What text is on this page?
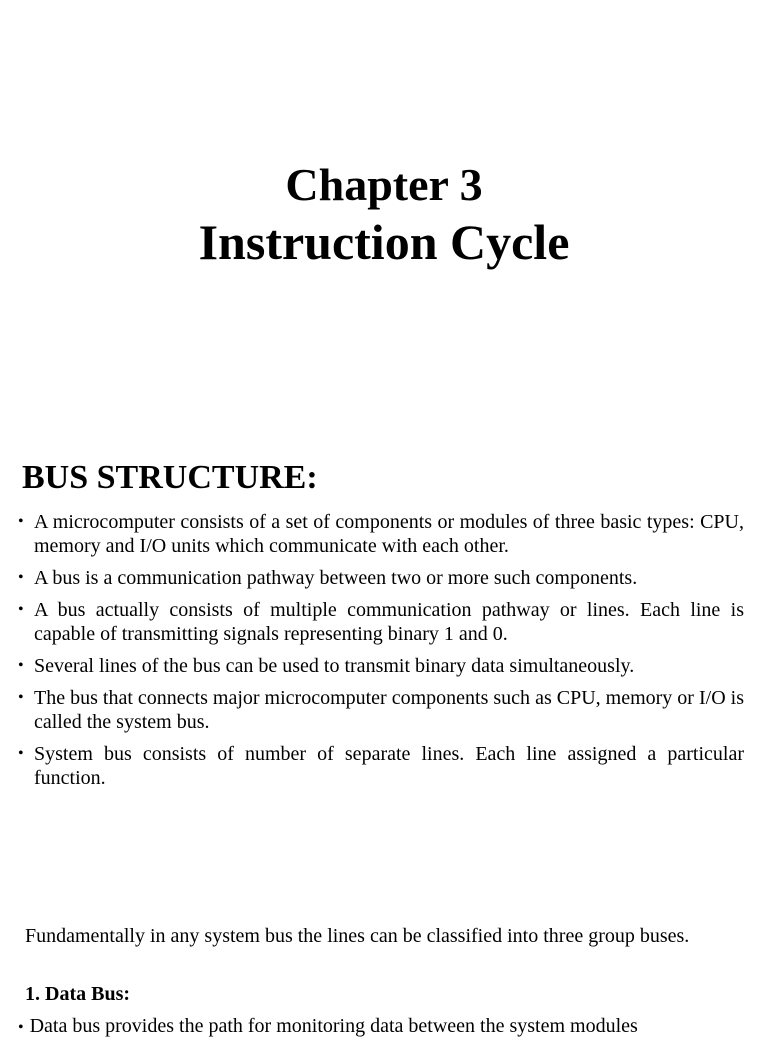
Chapter 3
Instruction Cycle
BUS STRUCTURE:
• A microcomputer consists of a set of components or modules of three basic types: CPU, memory and I/O units which communicate with each other.
• A bus is a communication pathway between two or more such components.
• A bus actually consists of multiple communication pathway or lines. Each line is capable of transmitting signals representing binary 1 and 0.
• Several lines of the bus can be used to transmit binary data simultaneously.
• The bus that connects major microcomputer components such as CPU, memory or I/O is called the system bus.
• System bus consists of number of separate lines. Each line assigned a particular function.
Fundamentally in any system bus the lines can be classified into three group buses.
1. Data Bus:
• Data bus provides the path for monitoring data between the system modules
